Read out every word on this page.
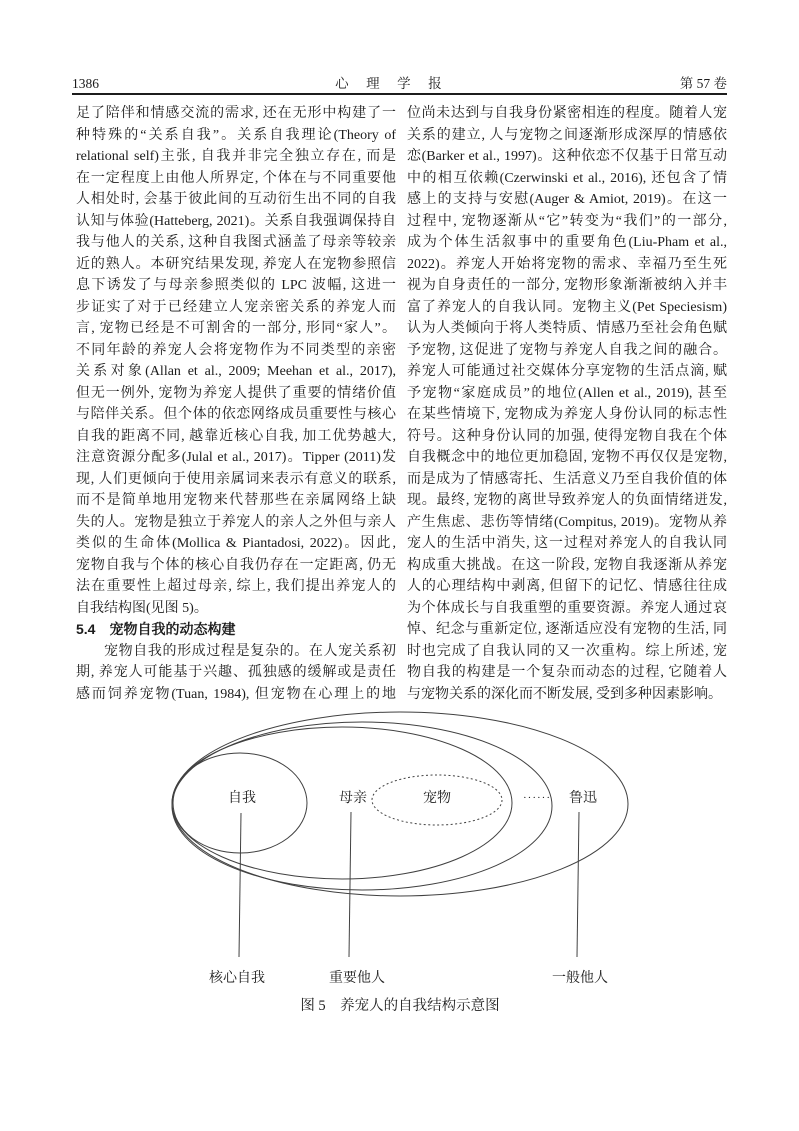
1386	心　理　学　报	第 57 卷
足了陪伴和情感交流的需求, 还在无形中构建了一
种特殊的“关系自我”。关系自我理论(Theory of
relational self)主张, 自我并非完全独立存在, 而是
在一定程度上由他人所界定, 个体在与不同重要他
人相处时, 会基于彼此间的互动衍生出不同的自我
认知与体验(Hatteberg, 2021)。关系自我强调保持自
我与他人的关系, 这种自我图式涵盖了母亲等较亲
近的熟人。本研究结果发现, 养宠人在宠物参照信
息下诱发了与母亲参照类似的 LPC 波幅, 这进一
步证实了对于已经建立人宠亲密关系的养宠人而
言, 宠物已经是不可割舍的一部分, 形同“家人”。
不同年龄的养宠人会将宠物作为不同类型的亲密
关系对象(Allan et al., 2009; Meehan et al., 2017),
但无一例外, 宠物为养宠人提供了重要的情绪价值
与陪伴关系。但个体的依恋网络成员重要性与核心
自我的距离不同, 越靠近核心自我, 加工优势越大,
注意资源分配多(Julal et al., 2017)。Tipper (2011)发
现, 人们更倾向于使用亲属词来表示有意义的联系,
而不是简单地用宠物来代替那些在亲属网络上缺
失的人。宠物是独立于养宠人的亲人之外但与亲人
类似的生命体(Mollica & Piantadosi, 2022)。因此,
宠物自我与个体的核心自我仍存在一定距离, 仍无
法在重要性上超过母亲, 综上, 我们提出养宠人的
自我结构图(见图 5)。
5.4　宠物自我的动态构建
宠物自我的形成过程是复杂的。在人宠关系初
期, 养宠人可能基于兴趣、孤独感的缓解或是责任
感而饲养宠物(Tuan, 1984), 但宠物在心理上的地
位尚未达到与自我身份紧密相连的程度。随着人宠
关系的建立, 人与宠物之间逐渐形成深厚的情感依
恋(Barker et al., 1997)。这种依恋不仅基于日常互动
中的相互依赖(Czerwinski et al., 2016), 还包含了情
感上的支持与安慰(Auger & Amiot, 2019)。在这一
过程中, 宠物逐渐从“它”转变为“我们”的一部分,
成为个体生活叙事中的重要角色(Liu-Pham et al.,
2022)。养宠人开始将宠物的需求、幸福乃至生死
视为自身责任的一部分, 宠物形象渐渐被纳入并丰
富了养宠人的自我认同。宠物主义(Pet Speciesism)
认为人类倾向于将人类特质、情感乃至社会角色赋
予宠物, 这促进了宠物与养宠人自我之间的融合。
养宠人可能通过社交媒体分享宠物的生活点滴, 赋
予宠物“家庭成员”的地位(Allen et al., 2019), 甚至
在某些情境下, 宠物成为养宠人身份认同的标志性
符号。这种身份认同的加强, 使得宠物自我在个体
自我概念中的地位更加稳固, 宠物不再仅仅是宠物,
而是成为了情感寄托、生活意义乃至自我价值的体
现。最终, 宠物的离世导致养宠人的负面情绪迸发,
产生焦虑、悲伤等情绪(Compitus, 2019)。宠物从养
宠人的生活中消失, 这一过程对养宠人的自我认同
构成重大挑战。在这一阶段, 宠物自我逐渐从养宠
人的心理结构中剥离, 但留下的记忆、情感往往成
为个体成长与自我重塑的重要资源。养宠人通过哀
悼、纪念与重新定位, 逐渐适应没有宠物的生活, 同
时也完成了自我认同的又一次重构。综上所述, 宠
物自我的构建是一个复杂而动态的过程, 它随着人
与宠物关系的深化而不断发展, 受到多种因素影响。
自我	母亲	宠物	······ 鲁迅
核心自我	重要他人	一般他人
图 5　养宠人的自我结构示意图
